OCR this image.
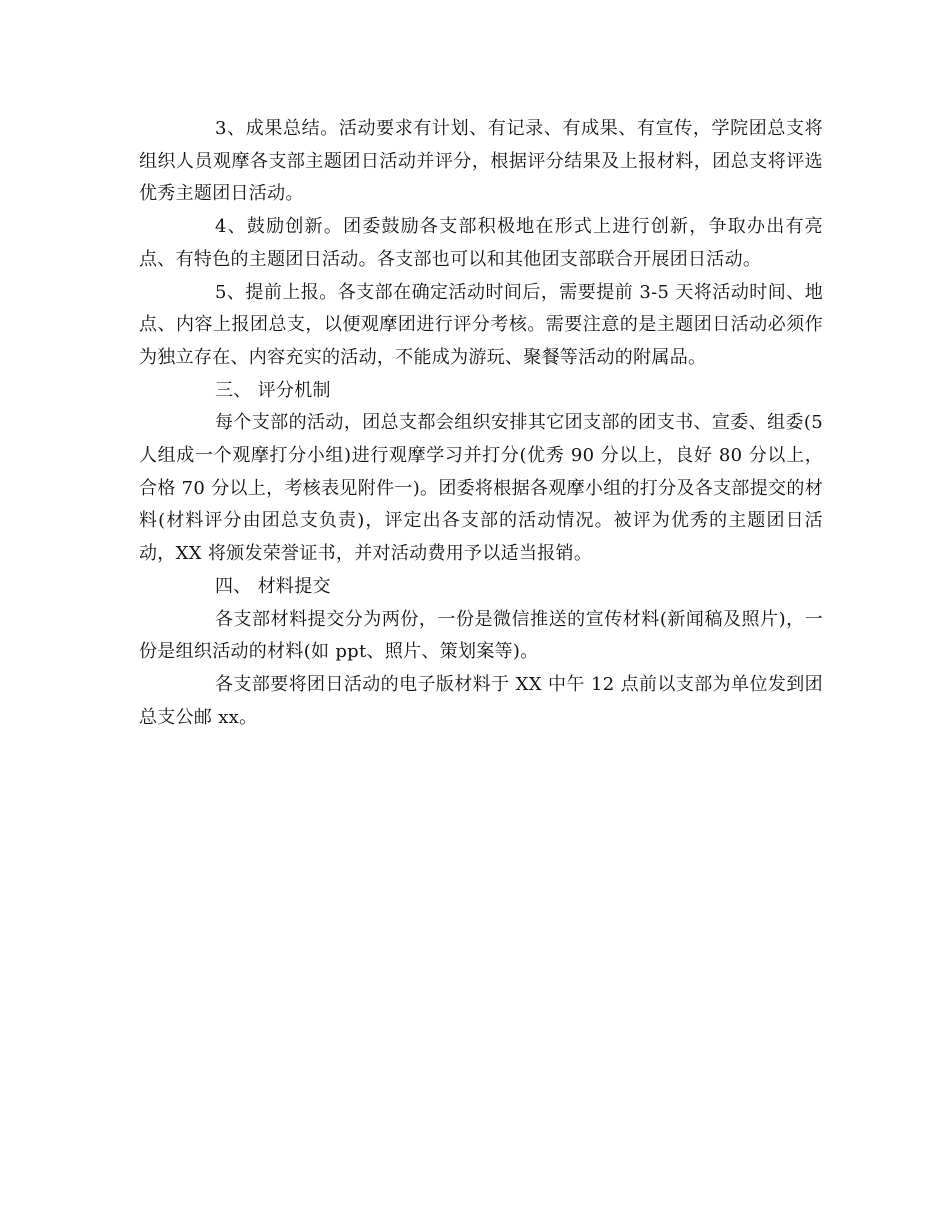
3、成果总结。活动要求有计划、有记录、有成果、有宣传，学院团总支将组织人员观摩各支部主题团日活动并评分，根据评分结果及上报材料，团总支将评选优秀主题团日活动。

4、鼓励创新。团委鼓励各支部积极地在形式上进行创新，争取办出有亮点、有特色的主题团日活动。各支部也可以和其他团支部联合开展团日活动。

5、提前上报。各支部在确定活动时间后，需要提前 3-5 天将活动时间、地点、内容上报团总支，以便观摩团进行评分考核。需要注意的是主题团日活动必须作为独立存在、内容充实的活动，不能成为游玩、聚餐等活动的附属品。

三、 评分机制

每个支部的活动，团总支都会组织安排其它团支部的团支书、宣委、组委(5 人组成一个观摩打分小组)进行观摩学习并打分(优秀 90 分以上，良好 80 分以上，合格 70 分以上，考核表见附件一)。团委将根据各观摩小组的打分及各支部提交的材料(材料评分由团总支负责)，评定出各支部的活动情况。被评为优秀的主题团日活动，XX 将颁发荣誉证书，并对活动费用予以适当报销。

四、 材料提交

各支部材料提交分为两份，一份是微信推送的宣传材料(新闻稿及照片)，一份是组织活动的材料(如 ppt、照片、策划案等)。

各支部要将团日活动的电子版材料于 XX 中午 12 点前以支部为单位发到团总支公邮 xx。
